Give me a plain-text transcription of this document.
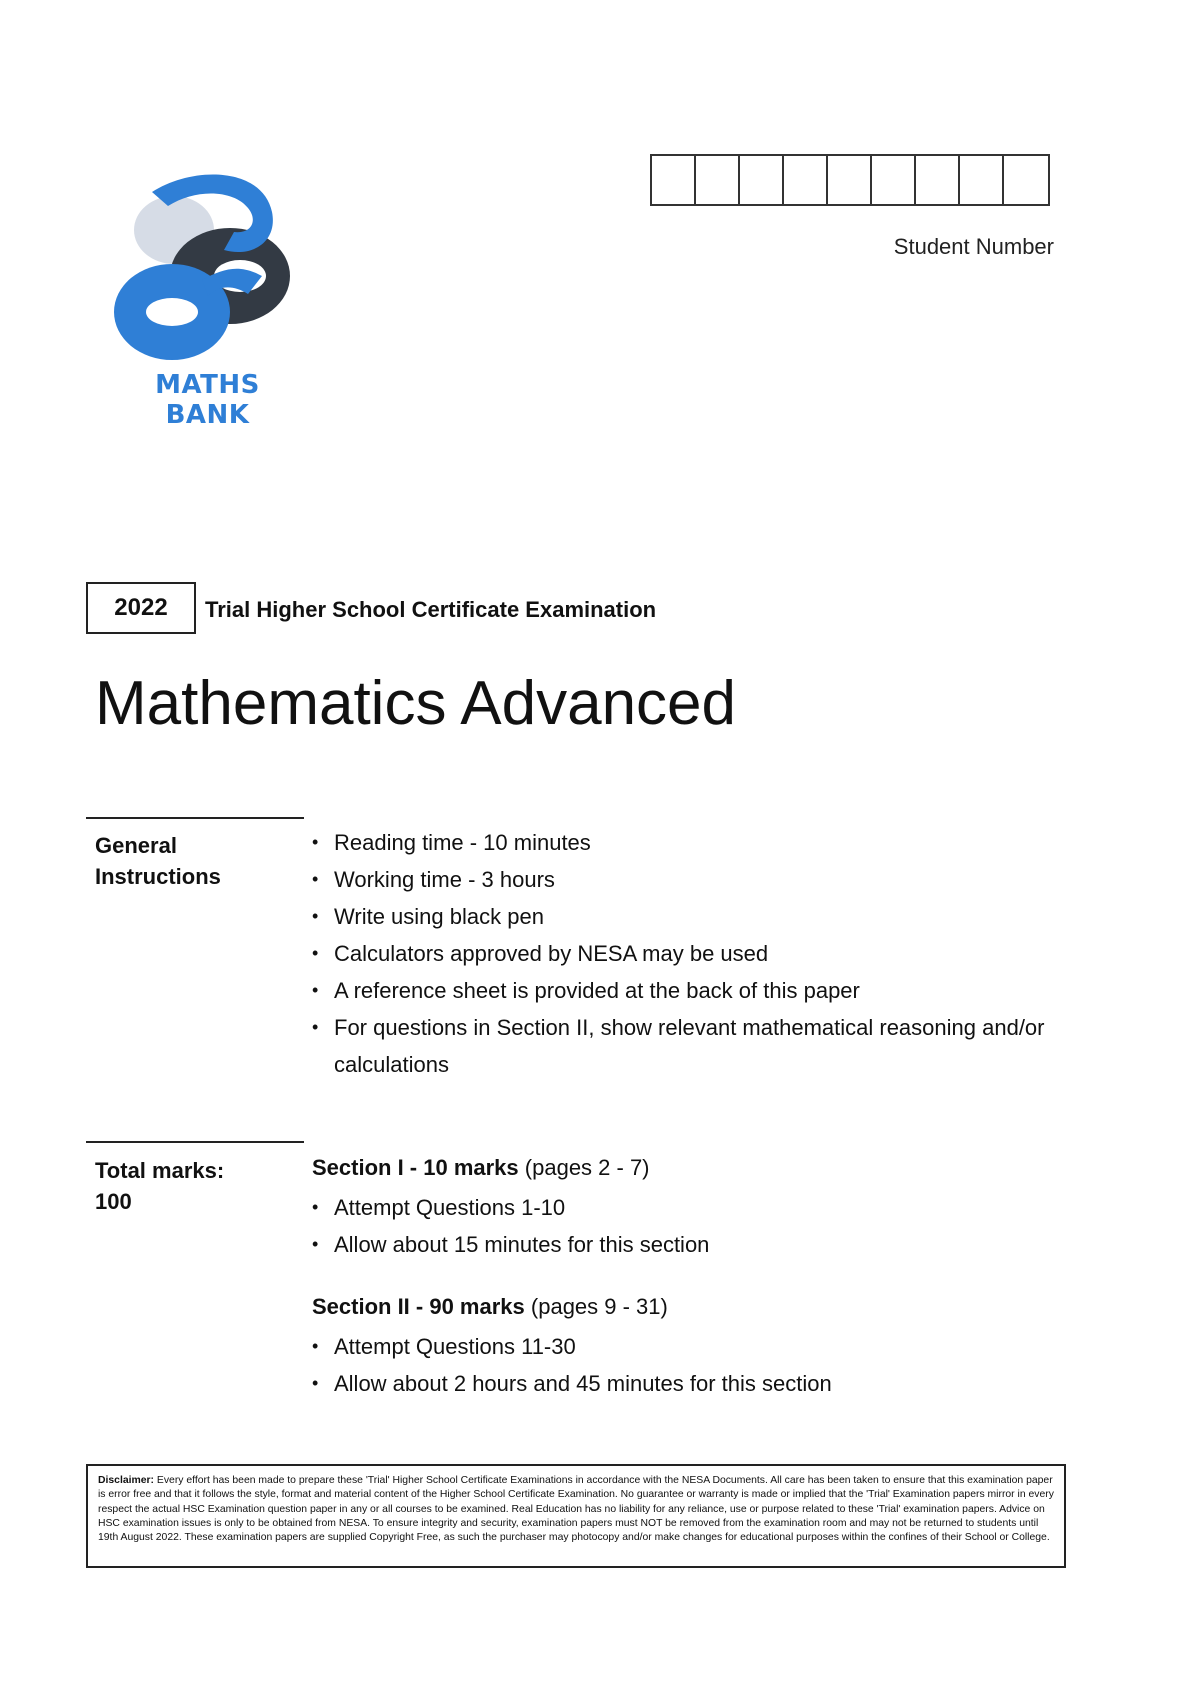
MATHS BANK
Student Number
2022	Trial Higher School Certificate Examination
Mathematics Advanced
General Instructions
• Reading time - 10 minutes
• Working time - 3 hours
• Write using black pen
• Calculators approved by NESA may be used
• A reference sheet is provided at the back of this paper
• For questions in Section II, show relevant mathematical reasoning and/or calculations
Total marks:
100
Section I - 10 marks (pages 2 - 7)
• Attempt Questions 1-10
• Allow about 15 minutes for this section
Section II - 90 marks (pages 9 - 31)
• Attempt Questions 11-30
• Allow about 2 hours and 45 minutes for this section
Disclaimer: Every effort has been made to prepare these 'Trial' Higher School Certificate Examinations in accordance with the NESA Documents. All care has been taken to ensure that this examination paper is error free and that it follows the style, format and material content of the Higher School Certificate Examination. No guarantee or warranty is made or implied that the 'Trial' Examination papers mirror in every respect the actual HSC Examination question paper in any or all courses to be examined. Real Education has no liability for any reliance, use or purpose related to these 'Trial' examination papers. Advice on HSC examination issues is only to be obtained from NESA. To ensure integrity and security, examination papers must NOT be removed from the examination room and may not be returned to students until 19th August 2022. These examination papers are supplied Copyright Free, as such the purchaser may photocopy and/or make changes for educational purposes within the confines of their School or College.
